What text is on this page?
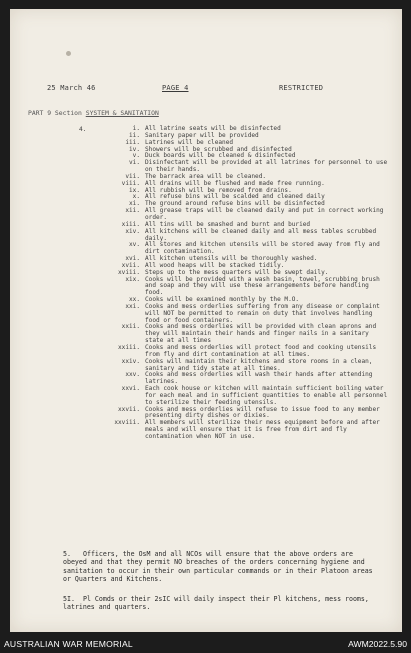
25 March 46	PAGE 4	RESTRICTED
PART 9 Section SYSTEM & SANITATION
4.	i. All latrine seats will be disinfected
ii. Sanitary paper will be provided
iii. Latrines will be cleaned
iv. Showers will be scrubbed and disinfected
v. Duck boards will be cleaned & disinfected
vi. Disinfectant will be provided at all latrines for personnel to use on their hands.
vii. The barrack area will be cleaned.
viii. All drains will be flushed and made free running.
ix. All rubbish will be removed from drains.
x. All refuse bins will be scalded and cleaned daily
xi. The ground around refuse bins will be disinfected
xii. All grease traps will be cleaned daily and put in correct working order.
xiii. All tins will be smashed and burnt and buried
xiv. All kitchens will be cleaned daily and all mess tables scrubbed daily.
xv. All stores and kitchen utensils will be stored away from fly and dirt contamination.
xvi. All kitchen utensils will be thoroughly washed.
xvii. All wood heaps will be stacked tidily.
xviii. Steps up to the mess quarters will be swept daily.
xix. Cooks will be provided with a wash basin, towel, scrubbing brush and soap and they will use these arrangements before handling food.
xx. Cooks will be examined monthly by the M.O.
xxi. Cooks and mess orderlies suffering from any disease or complaint will NOT be permitted to remain on duty that involves handling food or food containers.
xxii. Cooks and mess orderlies will be provided with clean aprons and they will maintain their hands and finger nails in a sanitary state at all times
xxiii. Cooks and mess orderlies will protect food and cooking utensils from fly and dirt contamination at all times.
xxiv. Cooks will maintain their kitchens and store rooms in a clean, sanitary and tidy state at all times.
xxv. Cooks and mess orderlies will wash their hands after attending latrines.
xxvi. Each cook house or kitchen will maintain sufficient boiling water for each meal and in sufficient quantities to enable all personnel to sterilize their feeding utensils.
xxvii. Cooks and mess orderlies will refuse to issue food to any member presenting dirty dishes or dixies.
xxviii. All members will sterilize their mess equipment before and after meals and will ensure that it is free from dirt and fly contamination when NOT in use.
5. Officers, the OsM and all NCOs will ensure that the above orders are obeyed and that they permit NO breaches of the orders concerning hygiene and sanitation to occur in their own particular commands or in their Platoon areas or Quarters and Kitchens.
5I. Pl Comds or their 2sIC will daily inspect their Pl kitchens, mess rooms, latrines and quarters.
AUSTRALIAN WAR MEMORIAL	AWM2022.5.90
